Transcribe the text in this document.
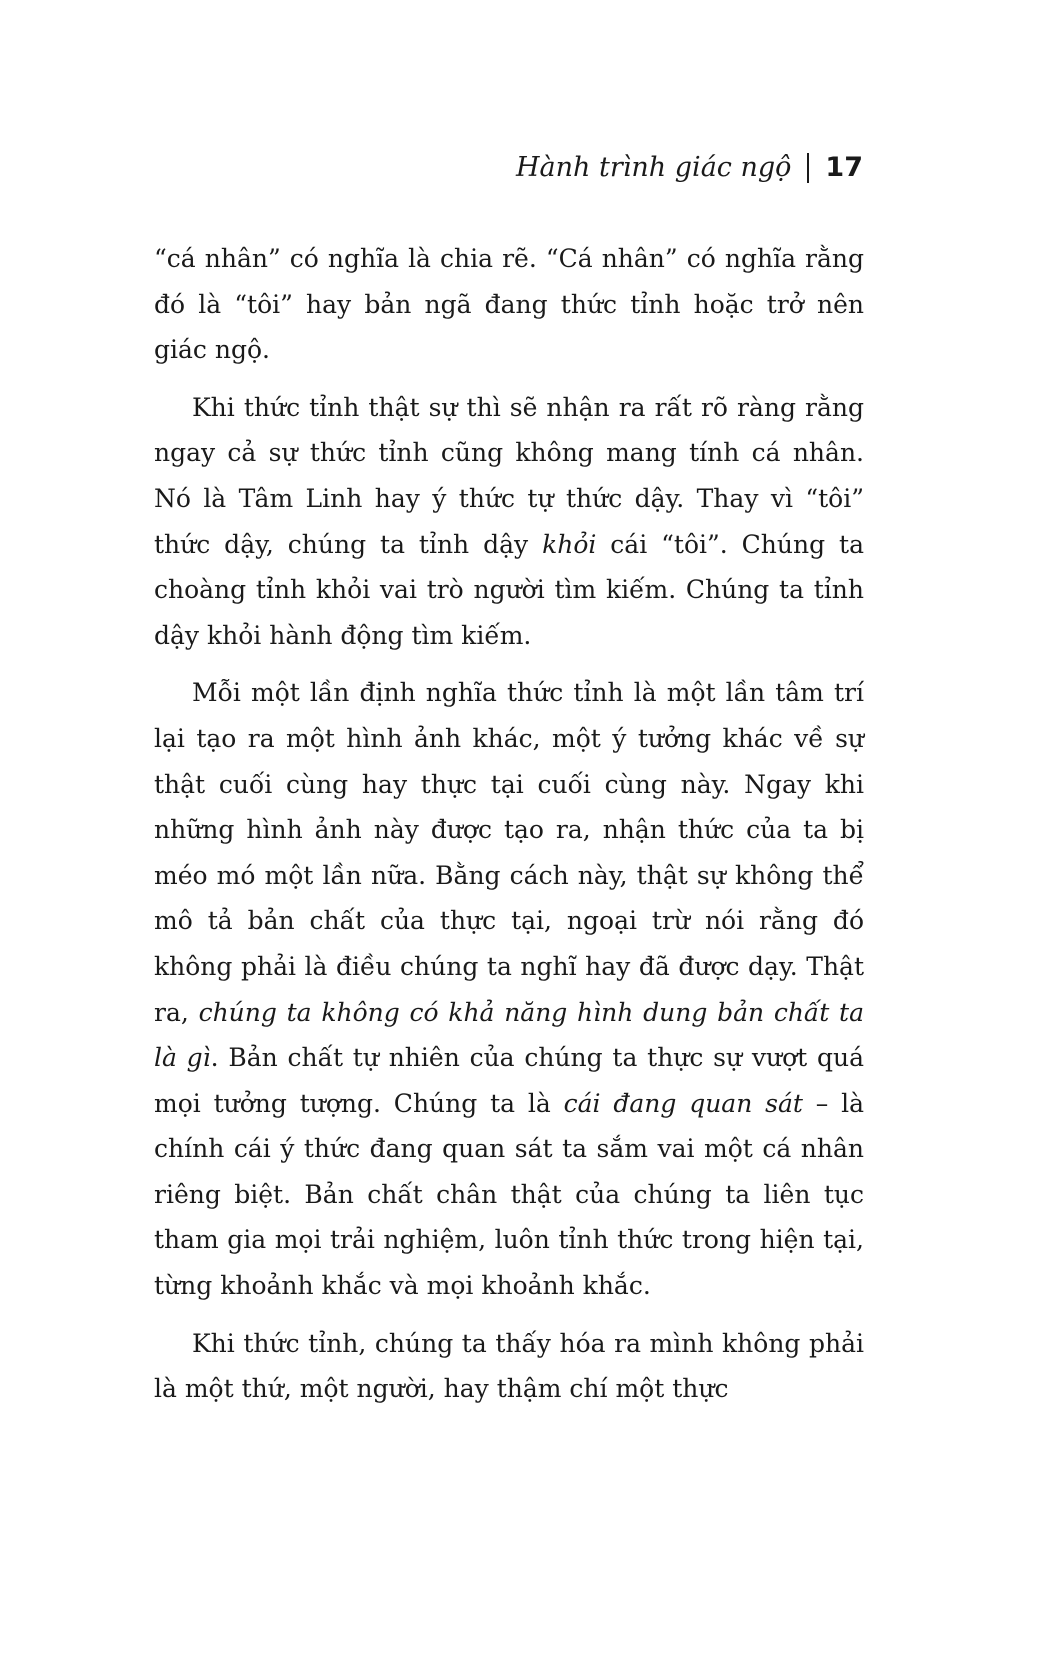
Hành trình giác ngộ 17

“cá nhân” có nghĩa là chia rẽ. “Cá nhân” có nghĩa rằng đó là “tôi” hay bản ngã đang thức tỉnh hoặc trở nên giác ngộ.

Khi thức tỉnh thật sự thì sẽ nhận ra rất rõ ràng rằng ngay cả sự thức tỉnh cũng không mang tính cá nhân. Nó là Tâm Linh hay ý thức tự thức dậy. Thay vì “tôi” thức dậy, chúng ta tỉnh dậy khỏi cái “tôi”. Chúng ta choàng tỉnh khỏi vai trò người tìm kiếm. Chúng ta tỉnh dậy khỏi hành động tìm kiếm.

Mỗi một lần định nghĩa thức tỉnh là một lần tâm trí lại tạo ra một hình ảnh khác, một ý tưởng khác về sự thật cuối cùng hay thực tại cuối cùng này. Ngay khi những hình ảnh này được tạo ra, nhận thức của ta bị méo mó một lần nữa. Bằng cách này, thật sự không thể mô tả bản chất của thực tại, ngoại trừ nói rằng đó không phải là điều chúng ta nghĩ hay đã được dạy. Thật ra, chúng ta không có khả năng hình dung bản chất ta là gì. Bản chất tự nhiên của chúng ta thực sự vượt quá mọi tưởng tượng. Chúng ta là cái đang quan sát – là chính cái ý thức đang quan sát ta sắm vai một cá nhân riêng biệt. Bản chất chân thật của chúng ta liên tục tham gia mọi trải nghiệm, luôn tỉnh thức trong hiện tại, từng khoảnh khắc và mọi khoảnh khắc.

Khi thức tỉnh, chúng ta thấy hóa ra mình không phải là một thứ, một người, hay thậm chí một thực
